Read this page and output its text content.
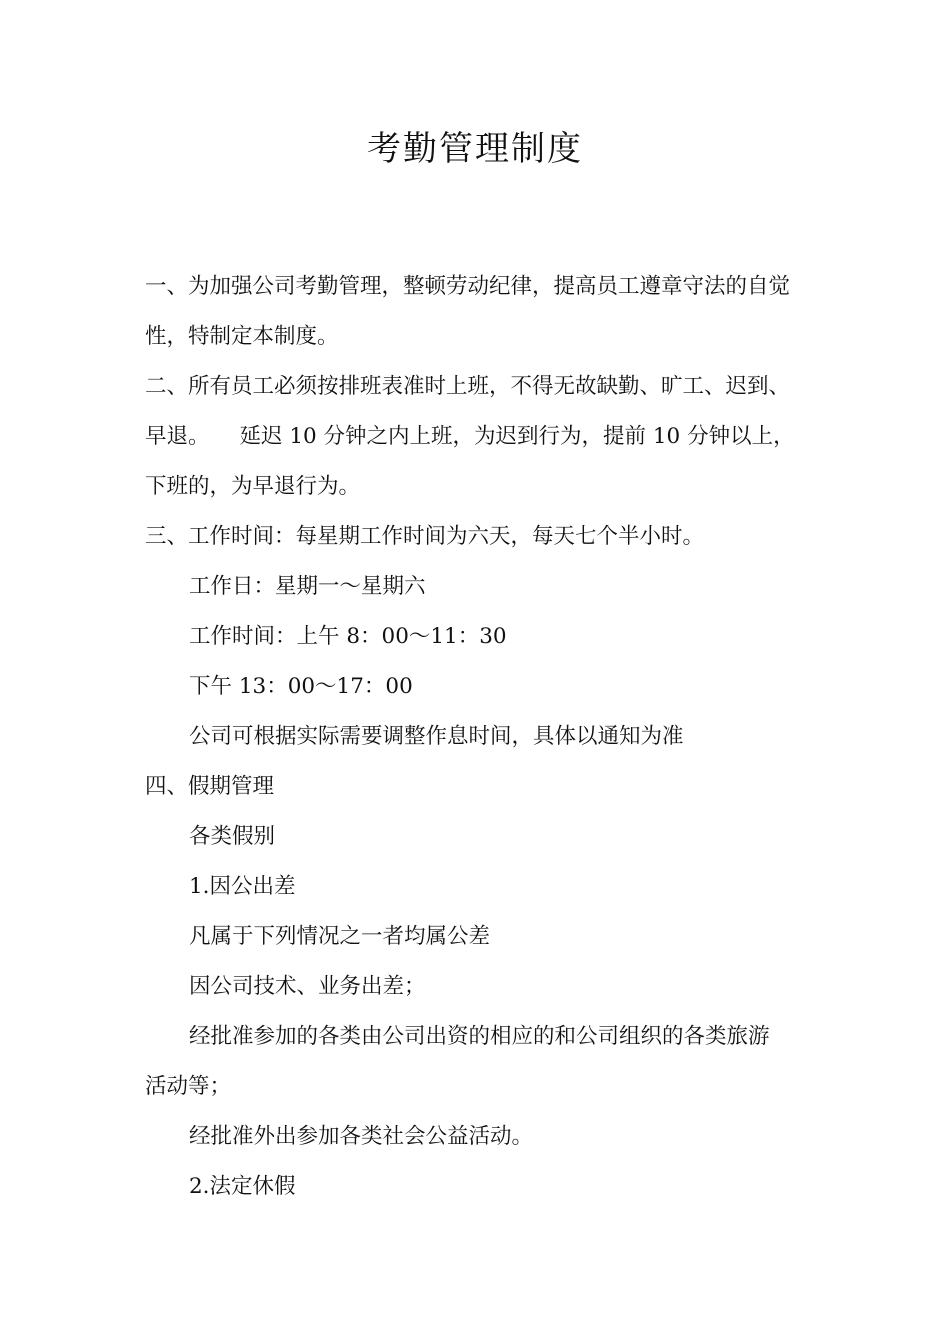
考勤管理制度

一、为加强公司考勤管理，整顿劳动纪律，提高员工遵章守法的自觉

性，特制定本制度。

二、所有员工必须按排班表准时上班，不得无故缺勤、旷工、迟到、

早退。 延迟 10 分钟之内上班，为迟到行为，提前 10 分钟以上，

下班的，为早退行为。

三、工作时间：每星期工作时间为六天，每天七个半小时。

工作日：星期一～星期六

工作时间：上午 8：00～11：30

下午 13：00～17：00

公司可根据实际需要调整作息时间，具体以通知为准

四、假期管理

各类假别

1.因公出差

凡属于下列情况之一者均属公差

因公司技术、业务出差；

经批准参加的各类由公司出资的相应的和公司组织的各类旅游

活动等；

经批准外出参加各类社会公益活动。

2.法定休假
